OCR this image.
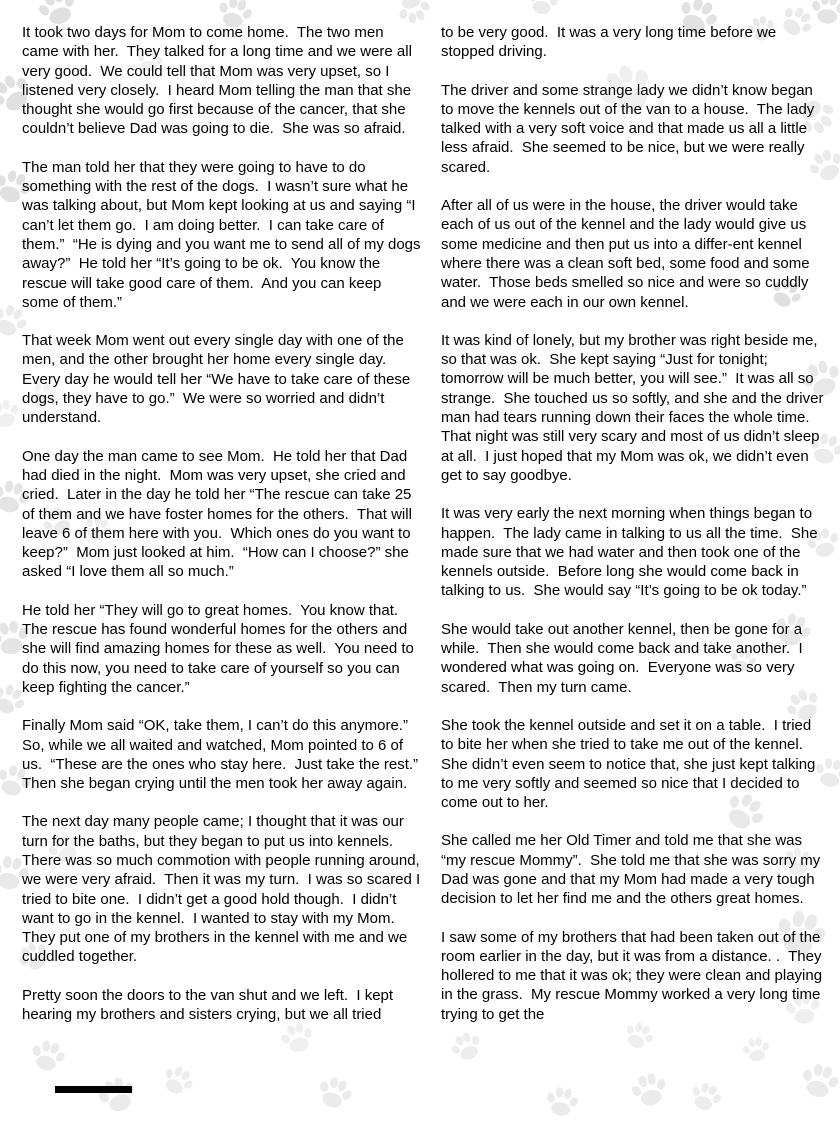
It took two days for Mom to come home.  The two men came with her.  They talked for a long time and we were all very good.  We could tell that Mom was very upset, so I listened very closely.  I heard Mom telling the man that she thought she would go first because of the cancer, that she couldn’t believe Dad was going to die.  She was so afraid.

The man told her that they were going to have to do something with the rest of the dogs.  I wasn’t sure what he was talking about, but Mom kept looking at us and saying “I can’t let them go.  I am doing better.  I can take care of them.”  “He is dying and you want me to send all of my dogs away?”  He told her “It’s going to be ok.  You know the rescue will take good care of them.  And you can keep some of them.”

That week Mom went out every single day with one of the men, and the other brought her home every single day.  Every day he would tell her “We have to take care of these dogs, they have to go.”  We were so worried and didn’t understand.

One day the man came to see Mom.  He told her that Dad had died in the night.  Mom was very upset, she cried and cried.  Later in the day he told her “The rescue can take 25 of them and we have foster homes for the others.  That will leave 6 of them here with you.  Which ones do you want to keep?”  Mom just looked at him.  “How can I choose?” she asked “I love them all so much.”

He told her “They will go to great homes.  You know that. The rescue has found wonderful homes for the others and she will find amazing homes for these as well.  You need to do this now, you need to take care of yourself so you can keep fighting the cancer.”

Finally Mom said “OK, take them, I can’t do this anymore.”  So, while we all waited and watched, Mom pointed to 6 of us.  “These are the ones who stay here.  Just take the rest.”   Then she began crying until the men took her away again.

The next day many people came; I thought that it was our turn for the baths, but they began to put us into kennels.   There was so much commotion with people running around, we were very afraid.  Then it was my turn.  I was so scared I tried to bite one.  I didn’t get a good hold though.  I didn’t want to go in the kennel.  I wanted to stay with my Mom.  They put one of my brothers in the kennel with me and we cuddled together.

Pretty soon the doors to the van shut and we left.  I kept hearing my brothers and sisters crying, but we all tried

to be very good.  It was a very long time before we stopped driving.

The driver and some strange lady we didn’t know began to move the kennels out of the van to a house.  The lady talked with a very soft voice and that made us all a little less afraid.  She seemed to be nice, but we were really scared.

After all of us were in the house, the driver would take each of us out of the kennel and the lady would give us some medicine and then put us into a differ-ent kennel where there was a clean soft bed, some food and some water.  Those beds smelled so nice and were so cuddly and we were each in our own kennel.

It was kind of lonely, but my brother was right beside me, so that was ok.  She kept saying “Just for tonight; tomorrow will be much better, you will see.”  It was all so strange.  She touched us so softly, and she and the driver man had tears running down their faces the whole time.  That night was still very scary and most of us didn’t sleep at all.  I just hoped that my Mom was ok, we didn’t even get to say goodbye.

It was very early the next morning when things began to happen.  The lady came in talking to us all the time.  She made sure that we had water and then took one of the kennels outside.  Before long she would come back in talking to us.  She would say “It’s going to be ok today.”

She would take out another kennel, then be gone for a while.  Then she would come back and take another.  I wondered what was going on.  Everyone was so very scared.  Then my turn came.

She took the kennel outside and set it on a table.  I tried to bite her when she tried to take me out of the kennel.  She didn’t even seem to notice that, she just kept talking to me very softly and seemed so nice that I decided to come out to her.

She called me her Old Timer and told me that she was “my rescue Mommy”.  She told me that she was sorry my Dad was gone and that my Mom had made a very tough decision to let her find me and the others great homes.

I saw some of my brothers that had been taken out of the room earlier in the day, but it was from a distance. .  They hollered to me that it was ok; they were clean and playing in the grass.  My rescue Mommy worked a very long time trying to get the
